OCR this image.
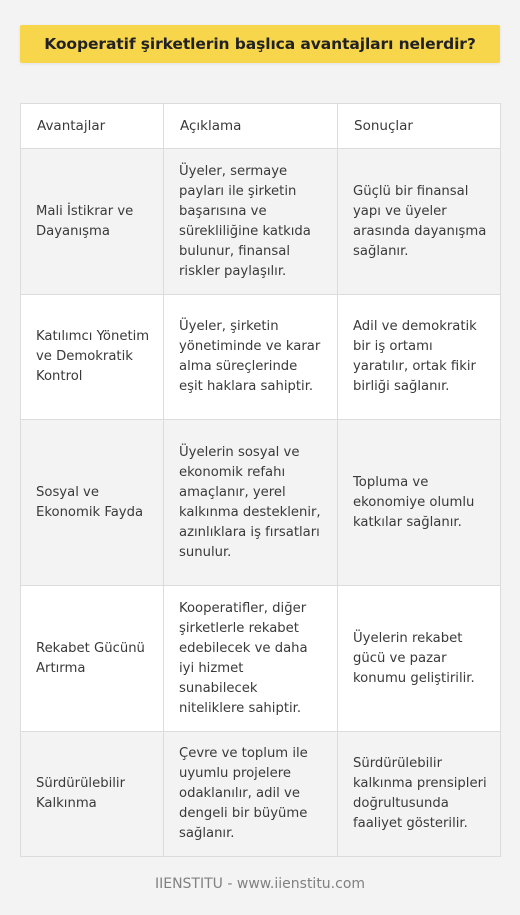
Kooperatif şirketlerin başlıca avantajları nelerdir?
Avantajlar	Açıklama	Sonuçlar
Mali İstikrar ve Dayanışma	Üyeler, sermaye payları ile şirketin başarısına ve sürekliliğine katkıda bulunur, finansal riskler paylaşılır.	Güçlü bir finansal yapı ve üyeler arasında dayanışma sağlanır.
Katılımcı Yönetim ve Demokratik Kontrol	Üyeler, şirketin yönetiminde ve karar alma süreçlerinde eşit haklara sahiptir.	Adil ve demokratik bir iş ortamı yaratılır, ortak fikir birliği sağlanır.
Sosyal ve Ekonomik Fayda	Üyelerin sosyal ve ekonomik refahı amaçlanır, yerel kalkınma desteklenir, azınlıklara iş fırsatları sunulur.	Topluma ve ekonomiye olumlu katkılar sağlanır.
Rekabet Gücünü Artırma	Kooperatifler, diğer şirketlerle rekabet edebilecek ve daha iyi hizmet sunabilecek niteliklere sahiptir.	Üyelerin rekabet gücü ve pazar konumu geliştirilir.
Sürdürülebilir Kalkınma	Çevre ve toplum ile uyumlu projelere odaklanılır, adil ve dengeli bir büyüme sağlanır.	Sürdürülebilir kalkınma prensipleri doğrultusunda faaliyet gösterilir.
IIENSTITU - www.iienstitu.com
